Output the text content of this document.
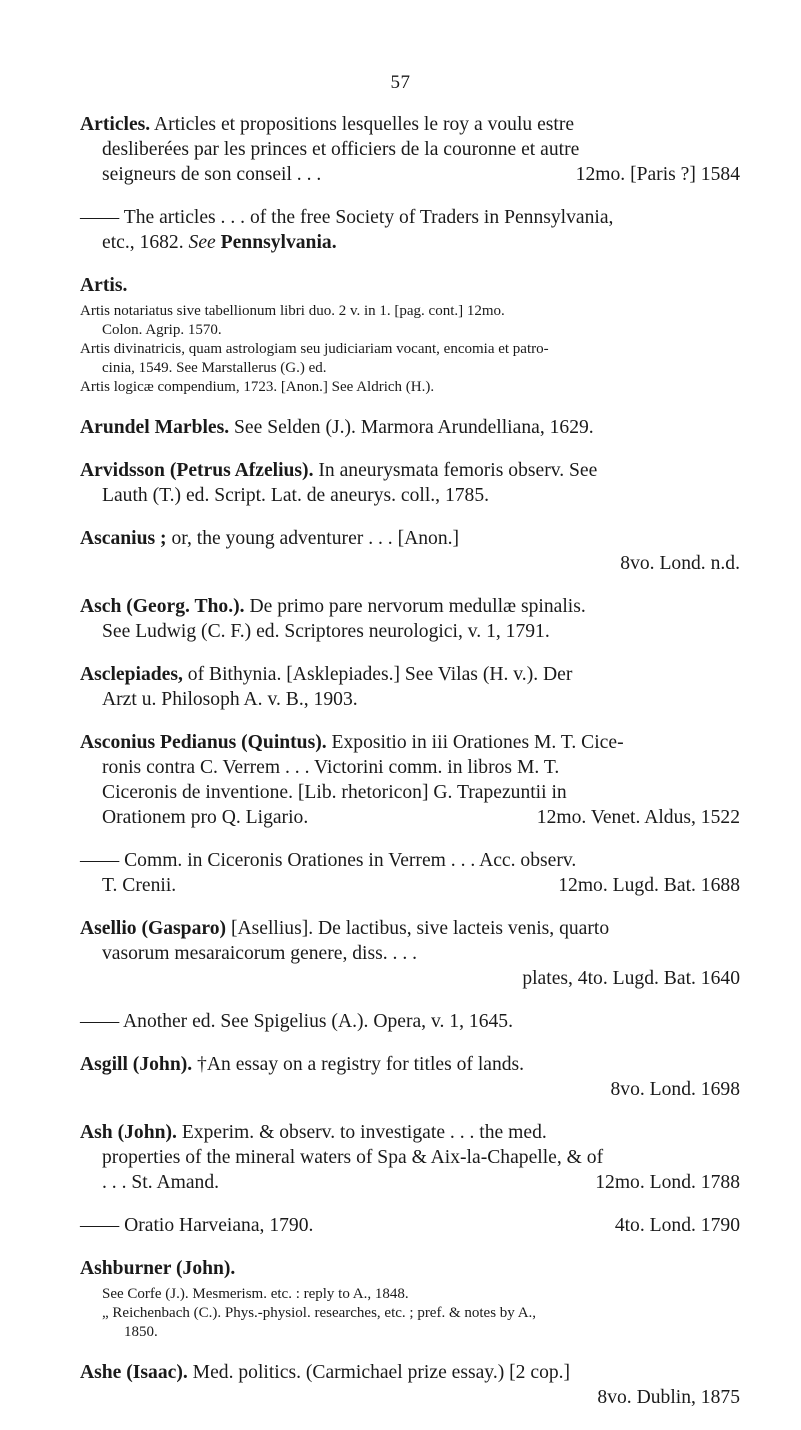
57
Articles. Articles et propositions lesquelles le roy a voulu estre
desliberées par les princes et officiers de la couronne et autre
seigneurs de son conseil . . .	12mo. [Paris ?] 1584
—— The articles . . . of the free Society of Traders in Pennsylvania,
etc., 1682. See Pennsylvania.
Artis.
Artis notariatus sive tabellionum libri duo. 2 v. in 1. [pag. cont.] 12mo.
Colon. Agrip. 1570.
Artis divinatricis, quam astrologiam seu judiciariam vocant, encomia et patro-
cinia, 1549. See Marstallerus (G.) ed.
Artis logicæ compendium, 1723. [Anon.] See Aldrich (H.).
Arundel Marbles. See Selden (J.). Marmora Arundelliana, 1629.
Arvidsson (Petrus Afzelius). In aneurysmata femoris observ. See
Lauth (T.) ed. Script. Lat. de aneurys. coll., 1785.
Ascanius ; or, the young adventurer . . . [Anon.]
8vo. Lond. n.d.
Asch (Georg. Tho.). De primo pare nervorum medullæ spinalis.
See Ludwig (C. F.) ed. Scriptores neurologici, v. 1, 1791.
Asclepiades, of Bithynia. [Asklepiades.] See Vilas (H. v.). Der
Arzt u. Philosoph A. v. B., 1903.
Asconius Pedianus (Quintus). Expositio in iii Orationes M. T. Cice-
ronis contra C. Verrem . . . Victorini comm. in libros M. T.
Ciceronis de inventione. [Lib. rhetoricon] G. Trapezuntii in
Orationem pro Q. Ligario.	12mo. Venet. Aldus, 1522
—— Comm. in Ciceronis Orationes in Verrem . . . Acc. observ.
T. Crenii.	12mo. Lugd. Bat. 1688
Asellio (Gasparo) [Asellius]. De lactibus, sive lacteis venis, quarto
vasorum mesaraicorum genere, diss. . . .
plates, 4to. Lugd. Bat. 1640
—— Another ed. See Spigelius (A.). Opera, v. 1, 1645.
Asgill (John). †An essay on a registry for titles of lands.
8vo. Lond. 1698
Ash (John). Experim. & observ. to investigate . . . the med.
properties of the mineral waters of Spa & Aix-la-Chapelle, & of
. . . St. Amand.	12mo. Lond. 1788
—— Oratio Harveiana, 1790.	4to. Lond. 1790
Ashburner (John).
See Corfe (J.). Mesmerism. etc. : reply to A., 1848.
„ Reichenbach (C.). Phys.-physiol. researches, etc. ; pref. & notes by A.,
1850.
Ashe (Isaac). Med. politics. (Carmichael prize essay.) [2 cop.]
8vo. Dublin, 1875
